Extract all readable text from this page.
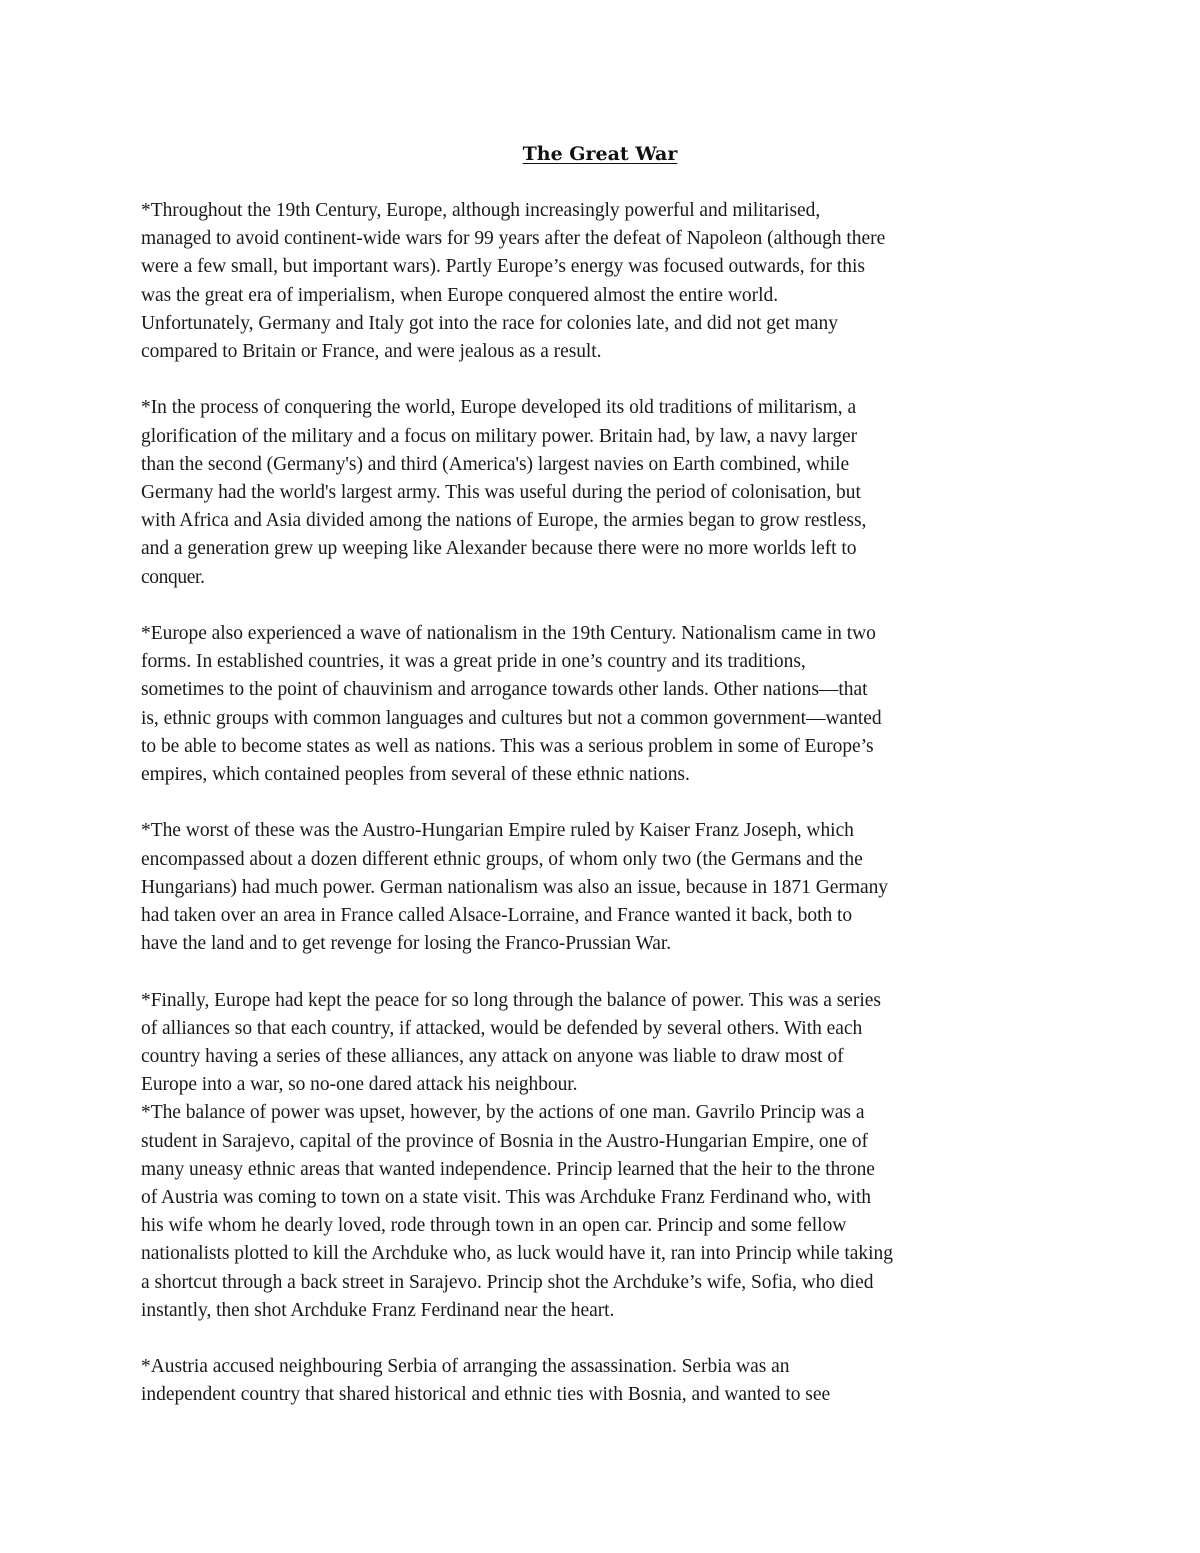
The Great War

*Throughout the 19th Century, Europe, although increasingly powerful and militarised,
managed to avoid continent-wide wars for 99 years after the defeat of Napoleon (although there
were a few small, but important wars). Partly Europe’s energy was focused outwards, for this
was the great era of imperialism, when Europe conquered almost the entire world.
Unfortunately, Germany and Italy got into the race for colonies late, and did not get many
compared to Britain or France, and were jealous as a result.

*In the process of conquering the world, Europe developed its old traditions of militarism, a
glorification of the military and a focus on military power. Britain had, by law, a navy larger
than the second (Germany's) and third (America's) largest navies on Earth combined, while
Germany had the world's largest army. This was useful during the period of colonisation, but
with Africa and Asia divided among the nations of Europe, the armies began to grow restless,
and a generation grew up weeping like Alexander because there were no more worlds left to
conquer.

*Europe also experienced a wave of nationalism in the 19th Century. Nationalism came in two
forms. In established countries, it was a great pride in one’s country and its traditions,
sometimes to the point of chauvinism and arrogance towards other lands. Other nations—that
is, ethnic groups with common languages and cultures but not a common government—wanted
to be able to become states as well as nations. This was a serious problem in some of Europe’s
empires, which contained peoples from several of these ethnic nations.

*The worst of these was the Austro-Hungarian Empire ruled by Kaiser Franz Joseph, which
encompassed about a dozen different ethnic groups, of whom only two (the Germans and the
Hungarians) had much power. German nationalism was also an issue, because in 1871 Germany
had taken over an area in France called Alsace-Lorraine, and France wanted it back, both to
have the land and to get revenge for losing the Franco-Prussian War.

*Finally, Europe had kept the peace for so long through the balance of power. This was a series
of alliances so that each country, if attacked, would be defended by several others. With each
country having a series of these alliances, any attack on anyone was liable to draw most of
Europe into a war, so no-one dared attack his neighbour.

*The balance of power was upset, however, by the actions of one man. Gavrilo Princip was a
student in Sarajevo, capital of the province of Bosnia in the Austro-Hungarian Empire, one of
many uneasy ethnic areas that wanted independence. Princip learned that the heir to the throne
of Austria was coming to town on a state visit. This was Archduke Franz Ferdinand who, with
his wife whom he dearly loved, rode through town in an open car. Princip and some fellow
nationalists plotted to kill the Archduke who, as luck would have it, ran into Princip while taking
a shortcut through a back street in Sarajevo. Princip shot the Archduke’s wife, Sofia, who died
instantly, then shot Archduke Franz Ferdinand near the heart.

*Austria accused neighbouring Serbia of arranging the assassination. Serbia was an
independent country that shared historical and ethnic ties with Bosnia, and wanted to see
